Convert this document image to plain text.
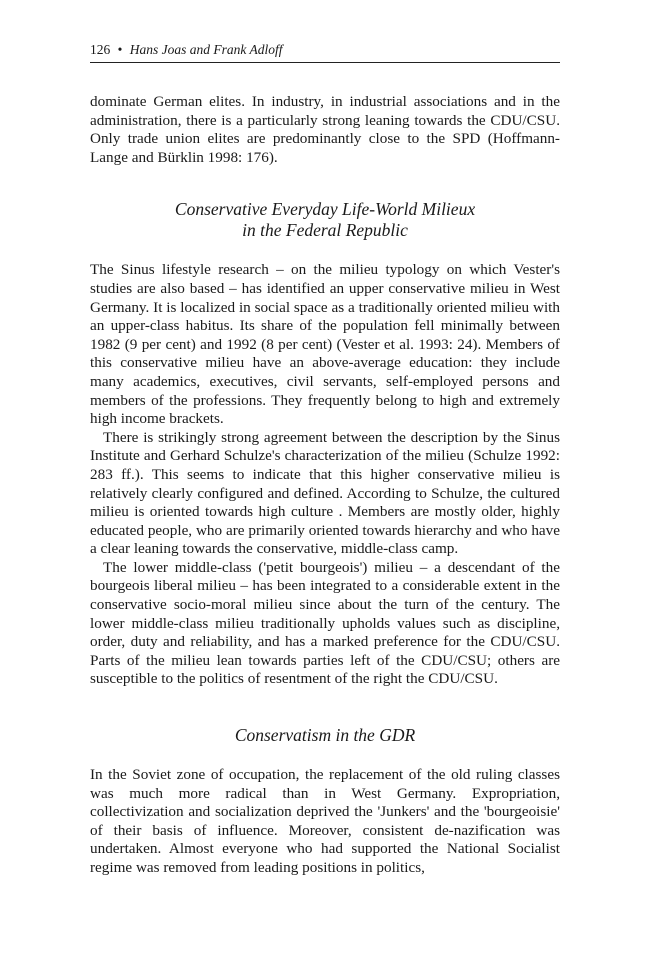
126 • Hans Joas and Frank Adloff

dominate German elites. In industry, in industrial associations and in the administration, there is a particularly strong leaning towards the CDU/CSU. Only trade union elites are predominantly close to the SPD (Hoffmann-Lange and Bürklin 1998: 176).

Conservative Everyday Life-World Milieux
in the Federal Republic

The Sinus lifestyle research – on the milieu typology on which Vester's studies are also based – has identified an upper conservative milieu in West Germany. It is localized in social space as a traditionally oriented milieu with an upper-class habitus. Its share of the population fell minimally between 1982 (9 per cent) and 1992 (8 per cent) (Vester et al. 1993: 24). Members of this conservative milieu have an above-average education: they include many academics, executives, civil servants, self-employed persons and members of the professions. They frequently belong to high and extremely high income brackets.

There is strikingly strong agreement between the description by the Sinus Institute and Gerhard Schulze's characterization of the milieu (Schulze 1992: 283 ff.). This seems to indicate that this higher conservative milieu is relatively clearly configured and defined. According to Schulze, the cultured milieu is oriented towards high culture . Members are mostly older, highly educated people, who are primarily oriented towards hierarchy and who have a clear leaning towards the conservative, middle-class camp.

The lower middle-class ('petit bourgeois') milieu – a descendant of the bourgeois liberal milieu – has been integrated to a considerable extent in the conservative socio-moral milieu since about the turn of the century. The lower middle-class milieu traditionally upholds values such as discipline, order, duty and reliability, and has a marked preference for the CDU/CSU. Parts of the milieu lean towards parties left of the CDU/CSU; others are susceptible to the politics of resentment of the right the CDU/CSU.

Conservatism in the GDR

In the Soviet zone of occupation, the replacement of the old ruling classes was much more radical than in West Germany. Expropriation, collectivization and socialization deprived the 'Junkers' and the 'bourgeoisie' of their basis of influence. Moreover, consistent de-nazification was undertaken. Almost everyone who had supported the National Socialist regime was removed from leading positions in politics,
